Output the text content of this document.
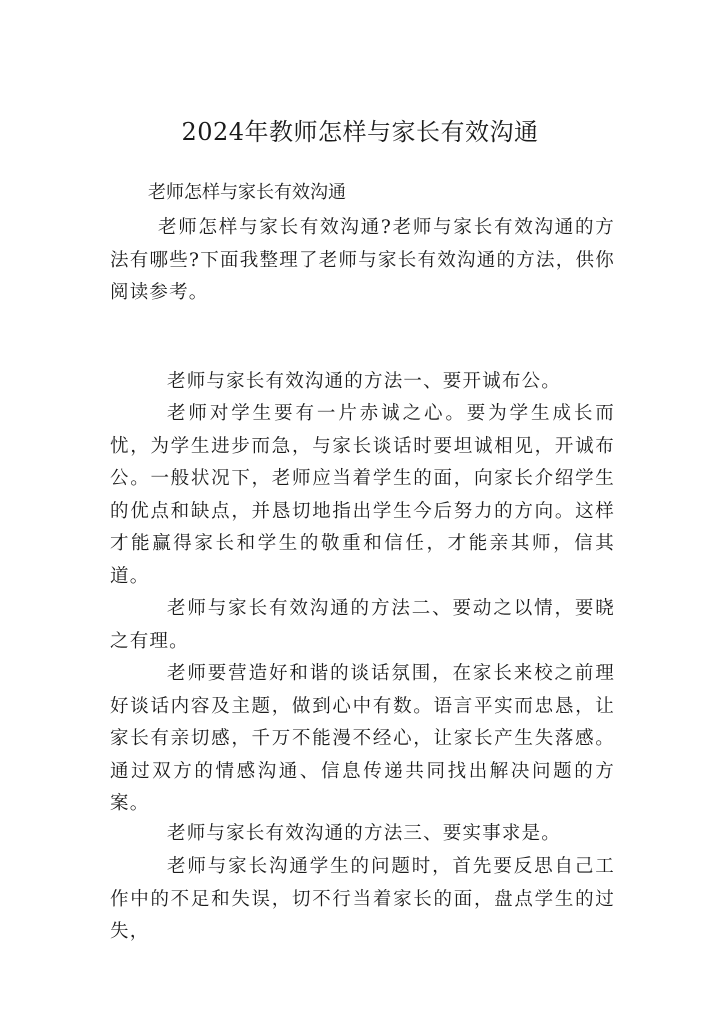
2024年教师怎样与家长有效沟通

老师怎样与家长有效沟通

老师怎样与家长有效沟通?老师与家长有效沟通的方法有哪些?下面我整理了老师与家长有效沟通的方法，供你阅读参考。

老师与家长有效沟通的方法一、要开诚布公。

老师对学生要有一片赤诚之心。要为学生成长而忧，为学生进步而急，与家长谈话时要坦诚相见，开诚布公。一般状况下，老师应当着学生的面，向家长介绍学生的优点和缺点，并恳切地指出学生今后努力的方向。这样才能赢得家长和学生的敬重和信任，才能亲其师，信其道。

老师与家长有效沟通的方法二、要动之以情，要晓之有理。

老师要营造好和谐的谈话氛围，在家长来校之前理好谈话内容及主题，做到心中有数。语言平实而忠恳，让家长有亲切感，千万不能漫不经心，让家长产生失落感。通过双方的情感沟通、信息传递共同找出解决问题的方案。

老师与家长有效沟通的方法三、要实事求是。

老师与家长沟通学生的问题时，首先要反思自己工作中的不足和失误，切不行当着家长的面，盘点学生的过失，
